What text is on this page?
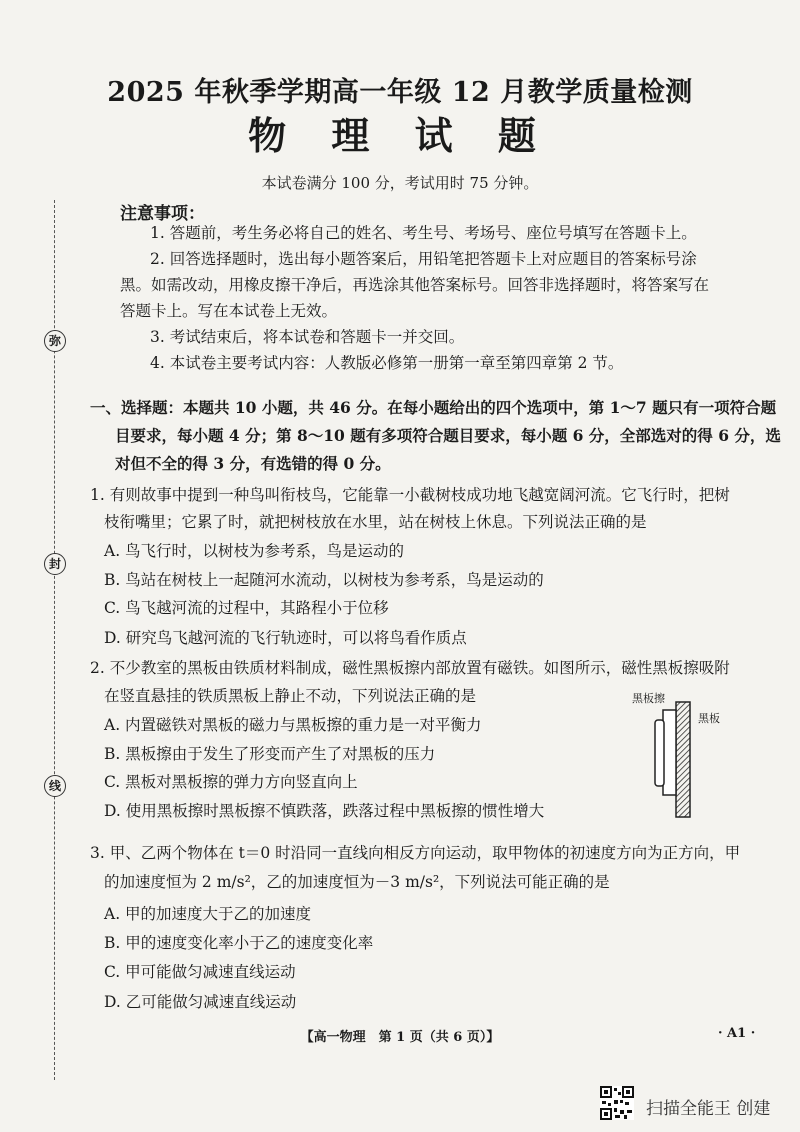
弥
封
线
2025 年秋季学期高一年级 12 月教学质量检测
物 理 试 题
本试卷满分 100 分，考试用时 75 分钟。
注意事项：
1. 答题前，考生务必将自己的姓名、考生号、考场号、座位号填写在答题卡上。
2. 回答选择题时，选出每小题答案后，用铅笔把答题卡上对应题目的答案标号涂
黑。如需改动，用橡皮擦干净后，再选涂其他答案标号。回答非选择题时，将答案写在
答题卡上。写在本试卷上无效。
3. 考试结束后，将本试卷和答题卡一并交回。
4. 本试卷主要考试内容：人教版必修第一册第一章至第四章第 2 节。
一、选择题：本题共 10 小题，共 46 分。在每小题给出的四个选项中，第 1～7 题只有一项符合题
目要求，每小题 4 分；第 8～10 题有多项符合题目要求，每小题 6 分，全部选对的得 6 分，选
对但不全的得 3 分，有选错的得 0 分。
1. 有则故事中提到一种鸟叫衔枝鸟，它能靠一小截树枝成功地飞越宽阔河流。它飞行时，把树
枝衔嘴里；它累了时，就把树枝放在水里，站在树枝上休息。下列说法正确的是
A. 鸟飞行时，以树枝为参考系，鸟是运动的
B. 鸟站在树枝上一起随河水流动，以树枝为参考系，鸟是运动的
C. 鸟飞越河流的过程中，其路程小于位移
D. 研究鸟飞越河流的飞行轨迹时，可以将鸟看作质点
2. 不少教室的黑板由铁质材料制成，磁性黑板擦内部放置有磁铁。如图所示，磁性黑板擦吸附
在竖直悬挂的铁质黑板上静止不动，下列说法正确的是
A. 内置磁铁对黑板的磁力与黑板擦的重力是一对平衡力
B. 黑板擦由于发生了形变而产生了对黑板的压力
C. 黑板对黑板擦的弹力方向竖直向上
D. 使用黑板擦时黑板擦不慎跌落，跌落过程中黑板擦的惯性增大
黑板擦
黑板
3. 甲、乙两个物体在 t＝0 时沿同一直线向相反方向运动，取甲物体的初速度方向为正方向，甲
的加速度恒为 2 m/s²，乙的加速度恒为－3 m/s²，下列说法可能正确的是
A. 甲的加速度大于乙的加速度
B. 甲的速度变化率小于乙的速度变化率
C. 甲可能做匀减速直线运动
D. 乙可能做匀减速直线运动
【高一物理　第 1 页（共 6 页）】	· A1 ·
扫描全能王 创建
